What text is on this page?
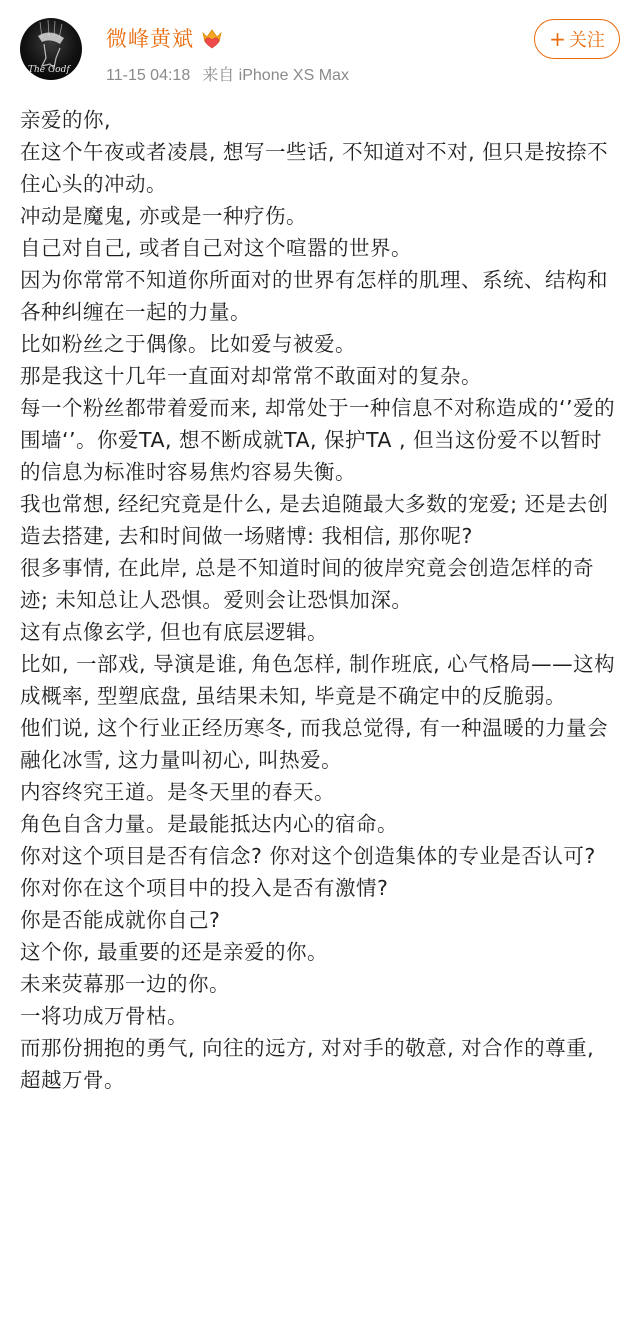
The Godf
微峰黄斌
11-15 04:18 来自 iPhone XS Max
+ 关注

亲爱的你,

在这个午夜或者凌晨, 想写一些话, 不知道对不对, 但只是按捺不住心头的冲动。

冲动是魔鬼, 亦或是一种疗伤。

自己对自己, 或者自己对这个喧嚣的世界。

因为你常常不知道你所面对的世界有怎样的肌理、系统、结构和各种纠缠在一起的力量。

比如粉丝之于偶像。比如爱与被爱。

那是我这十几年一直面对却常常不敢面对的复杂。

每一个粉丝都带着爱而来, 却常处于一种信息不对称造成的‘’爱的围墙‘’。你爱TA, 想不断成就TA, 保护TA , 但当这份爱不以暂时的信息为标准时容易焦灼容易失衡。

我也常想, 经纪究竟是什么, 是去追随最大多数的宠爱; 还是去创造去搭建, 去和时间做一场赌博: 我相信, 那你呢?

很多事情, 在此岸, 总是不知道时间的彼岸究竟会创造怎样的奇迹; 未知总让人恐惧。爱则会让恐惧加深。

这有点像玄学, 但也有底层逻辑。

比如, 一部戏, 导演是谁, 角色怎样, 制作班底, 心气格局——这构成概率, 型塑底盘, 虽结果未知, 毕竟是不确定中的反脆弱。

他们说, 这个行业正经历寒冬, 而我总觉得, 有一种温暖的力量会融化冰雪, 这力量叫初心, 叫热爱。

内容终究王道。是冬天里的春天。

角色自含力量。是最能抵达内心的宿命。

你对这个项目是否有信念? 你对这个创造集体的专业是否认可? 你对你在这个项目中的投入是否有激情?

你是否能成就你自己?

这个你, 最重要的还是亲爱的你。

未来荧幕那一边的你。

一将功成万骨枯。

而那份拥抱的勇气, 向往的远方, 对对手的敬意, 对合作的尊重, 超越万骨。
